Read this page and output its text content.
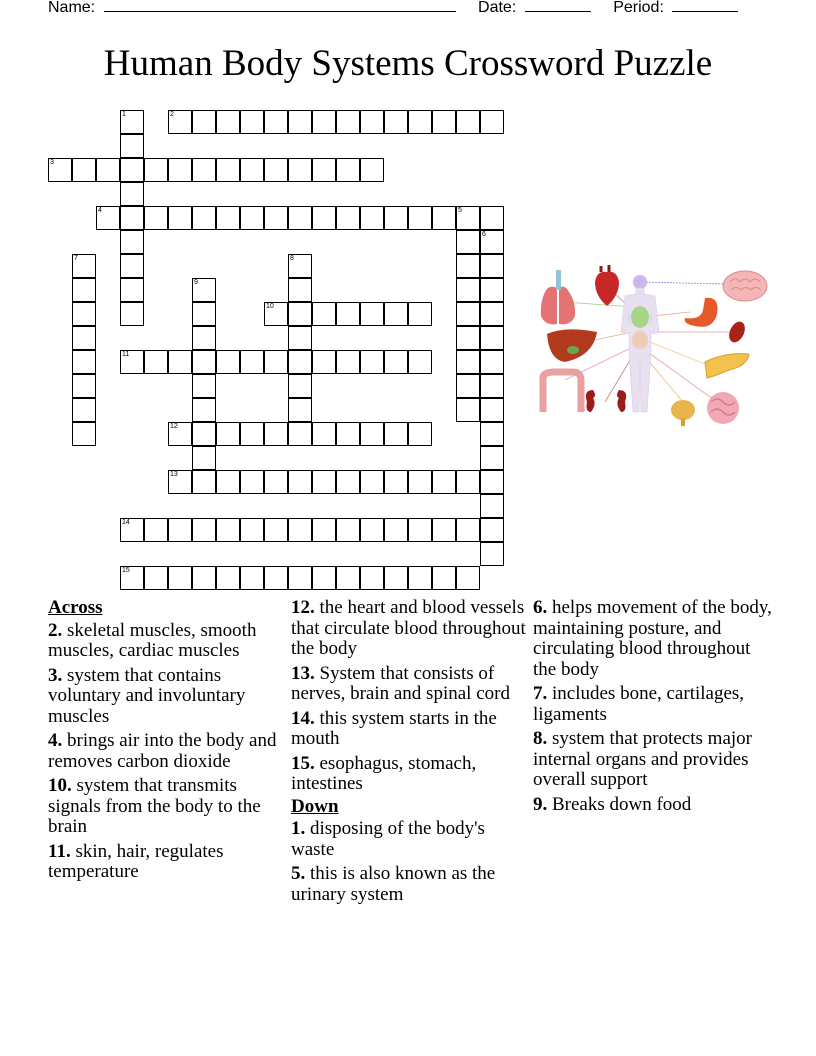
Name:	Date:	Period:
Human Body Systems Crossword Puzzle
2
3
4	5
10
11
12
13
14
15
1
6
7	8
9
Across
2. skeletal muscles, smooth muscles, cardiac muscles
3. system that contains voluntary and involuntary muscles
4. brings air into the body and removes carbon dioxide
10. system that transmits signals from the body to the brain
11. skin, hair, regulates temperature
12. the heart and blood vessels that circulate blood throughout the body
13. System that consists of nerves, brain and spinal cord
14. this system starts in the mouth
15. esophagus, stomach, intestines
Down
1. disposing of the body's waste
5. this is also known as the urinary system
6. helps movement of the body, maintaining posture, and circulating blood throughout the body
7. includes bone, cartilages, ligaments
8. system that protects major internal organs and provides overall support
9. Breaks down food
